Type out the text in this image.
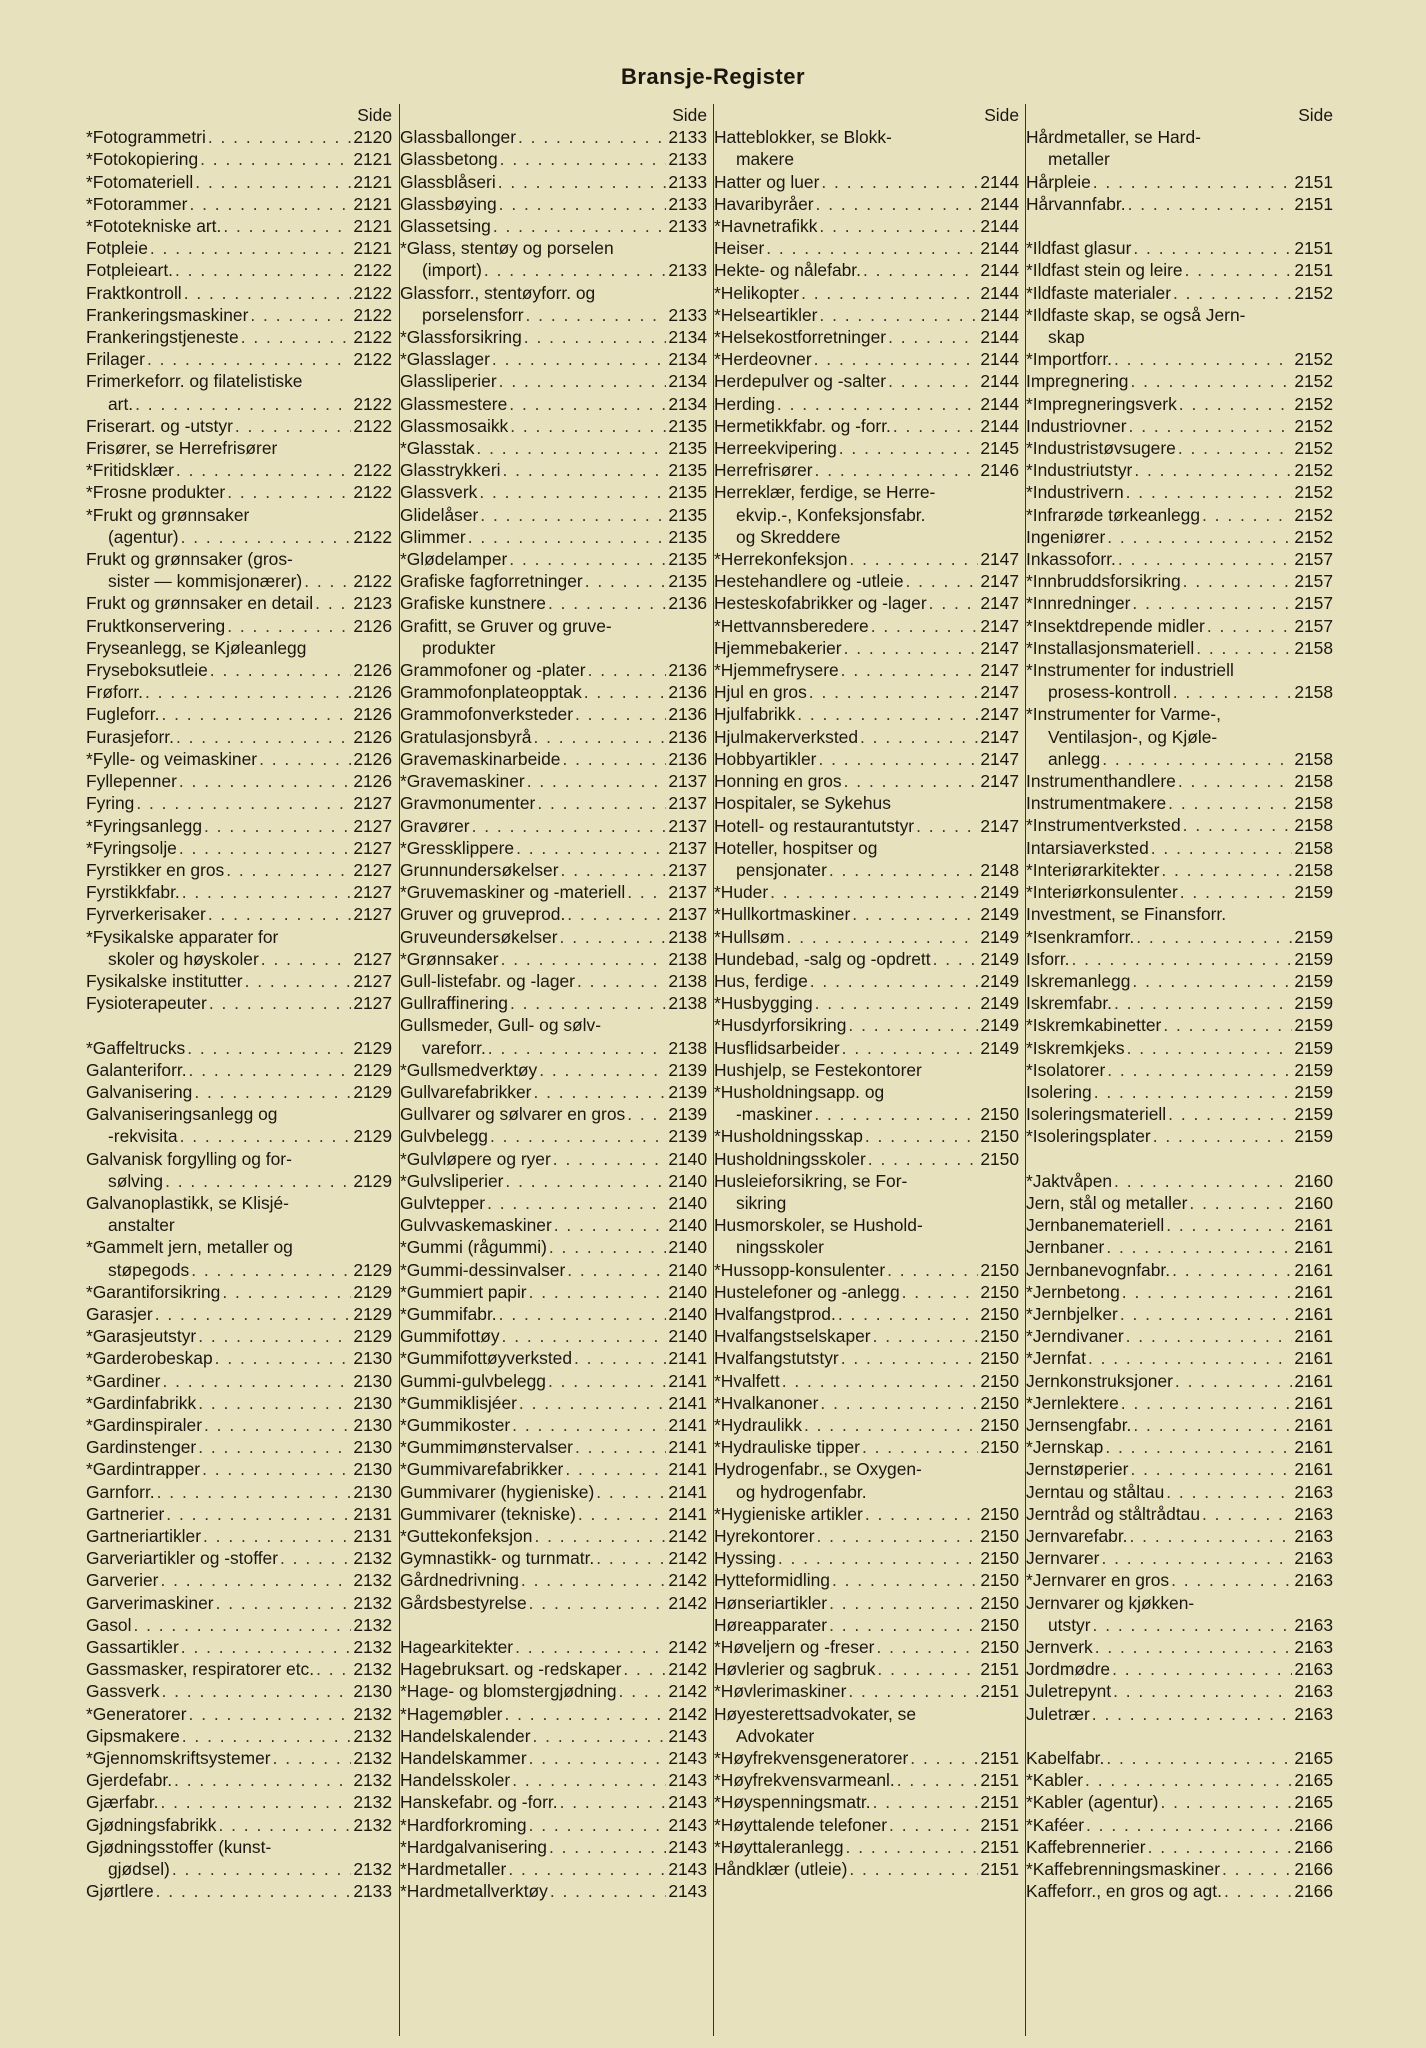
Bransje-Register
Side
*Fotogrammetri . . .	2120
*Fotokopiering . . .	2121
*Fotomateriell . . .	2121
*Fotorammer . . .	2121
*Fototekniske art. . . .	2121
Fotpleie . . .	2121
Fotpleieart. . . .	2122
Fraktkontroll . . .	2122
Frankeringsmaskiner . . .	2122
Frankeringstjeneste . . .	2122
Frilager . . .	2122
Frimerkeforr. og filatelistiske
art. . . .	2122
Friserart. og -utstyr . . .	2122
Frisører, se Herrefrisører
*Fritidsklær . . .	2122
*Frosne produkter . . .	2122
*Frukt og grønnsaker
(agentur) . . .	2122
Frukt og grønnsaker (gros-
sister — kommisjonærer) . . .	2122
Frukt og grønnsaker en detail . . . 2123
Fruktkonservering . . .	2126
Fryseanlegg, se Kjøleanlegg
Fryseboksutleie . . .	2126
Frøforr. . . .	2126
Fugleforr. . . .	2126
Furasjeforr. . . .	2126
*Fylle- og veimaskiner . . .	2126
Fyllepenner . . .	2126
Fyring . . .	2127
*Fyringsanlegg . . .	2127
*Fyringsolje . . .	2127
Fyrstikker en gros . . .	2127
Fyrstikkfabr. . . .	2127
Fyrverkerisaker . . .	2127
*Fysikalske apparater for
skoler og høyskoler . . .	2127
Fysikalske institutter . . .	2127
Fysioterapeuter . . .	2127
*Gaffeltrucks . . .	2129
Galanteriforr. . . .	2129
Galvanisering . . .	2129
Galvaniseringsanlegg og
-rekvisita . . .	2129
Galvanisk forgylling og for-
sølving . . .	2129
Galvanoplastikk, se Klisjé-
anstalter
*Gammelt jern, metaller og
støpegods . . .	2129
*Garantiforsikring . . .	2129
Garasjer . . .	2129
*Garasjeutstyr . . .	2129
*Garderobeskap . . .	2130
*Gardiner . . .	2130
*Gardinfabrikk . . .	2130
*Gardinspiraler . . .	2130
Gardinstenger . . .	2130
*Gardintrapper . . .	2130
Garnforr. . . .	2130
Gartnerier . . .	2131
Gartneriartikler . . .	2131
Garveriartikler og -stoffer . . .	2132
Garverier . . .	2132
Garverimaskiner . . .	2132
Gasol . . .	2132
Gassartikler . . .	2132
Gassmasker, respiratorer etc. . . . 2132
Gassverk . . .	2130
*Generatorer . . .	2132
Gipsmakere . . .	2132
*Gjennomskriftsystemer . . .	2132
Gjerdefabr. . . .	2132
Gjærfabr. . . .	2132
Gjødningsfabrikk . . .	2132
Gjødningsstoffer (kunst-
gjødsel) . . .	2132
Gjørtlere . . .	2133
Side
Glassballonger . . .	2133
Glassbetong . . .	2133
Glassblåseri . . .	2133
Glassbøying . . .	2133
Glassetsing . . .	2133
*Glass, stentøy og porselen
(import) . . .	2133
Glassforr., stentøyforr. og
porselensforr . . .	2133
*Glassforsikring . . .	2134
*Glasslager . . .	2134
Glassliperier . . .	2134
Glassmestere . . .	2134
Glassmosaikk . . .	2135
*Glasstak . . .	2135
Glasstrykkeri . . .	2135
Glassverk . . .	2135
Glidelåser . . .	2135
Glimmer . . .	2135
*Glødelamper . . .	2135
Grafiske fagforretninger . . .	2135
Grafiske kunstnere . . .	2136
Grafitt, se Gruver og gruve-
produkter
Grammofoner og -plater . . .	2136
Grammofonplateopptak . . .	2136
Grammofonverksteder . . .	2136
Gratulasjonsbyrå . . .	2136
Gravemaskinarbeide . . .	2136
*Gravemaskiner . . .	2137
Gravmonumenter . . .	2137
Gravører . . .	2137
*Gressklippere . . .	2137
Grunnundersøkelser . . .	2137
*Gruvemaskiner og -materiell . . . 2137
Gruver og gruveprod. . . .	2137
Gruveundersøkelser . . .	2138
*Grønnsaker . . .	2138
Gull-listefabr. og -lager . . .	2138
Gullraffinering . . .	2138
Gullsmeder, Gull- og sølv-
vareforr. . . .	2138
*Gullsmedverktøy . . .	2139
Gullvarefabrikker . . .	2139
Gullvarer og sølvarer en gros . . . 2139
Gulvbelegg . . .	2139
*Gulvløpere og ryer . . .	2140
*Gulvsliperier . . .	2140
Gulvtepper . . .	2140
Gulvvaskemaskiner . . .	2140
*Gummi (rågummi) . . .	2140
*Gummi-dessinvalser . . .	2140
*Gummiert papir . . .	2140
*Gummifabr. . . .	2140
Gummifottøy . . .	2140
*Gummifottøyverksted . . .	2141
Gummi-gulvbelegg . . .	2141
*Gummiklisjéer . . .	2141
*Gummikoster . . .	2141
*Gummimønstervalser . . .	2141
*Gummivarefabrikker . . .	2141
Gummivarer (hygieniske) . . .	2141
Gummivarer (tekniske) . . .	2141
*Guttekonfeksjon . . .	2142
Gymnastikk- og turnmatr. . . .	2142
Gårdnedrivning . . .	2142
Gårdsbestyrelse . . .	2142
Hagearkitekter . . .	2142
Hagebruksart. og -redskaper . . .	2142
*Hage- og blomstergjødning . . .	2142
*Hagemøbler . . .	2142
Handelskalender . . .	2143
Handelskammer . . .	2143
Handelsskoler . . .	2143
Hanskefabr. og -forr. . . .	2143
*Hardforkroming . . .	2143
*Hardgalvanisering . . .	2143
*Hardmetaller . . .	2143
*Hardmetallverktøy . . .	2143
Side
Hatteblokker, se Blokk-
makere
Hatter og luer . . .	2144
Havaribyråer . . .	2144
*Havnetrafikk . . .	2144
Heiser . . .	2144
Hekte- og nålefabr. . . .	2144
*Helikopter . . .	2144
*Helseartikler . . .	2144
*Helsekostforretninger . . .	2144
*Herdeovner . . .	2144
Herdepulver og -salter . . .	2144
Herding . . .	2144
Hermetikkfabr. og -forr. . . .	2144
Herreekvipering . . .	2145
Herrefrisører . . .	2146
Herreklær, ferdige, se Herre-
ekvip.-, Konfeksjonsfabr.
og Skreddere
*Herrekonfeksjon . . .	2147
Hestehandlere og -utleie . . .	2147
Hesteskofabrikker og -lager . . .	2147
*Hettvannsberedere . . .	2147
Hjemmebakerier . . .	2147
*Hjemmefrysere . . .	2147
Hjul en gros . . .	2147
Hjulfabrikk . . .	2147
Hjulmakerverksted . . .	2147
Hobbyartikler . . .	2147
Honning en gros . . .	2147
Hospitaler, se Sykehus
Hotell- og restaurantutstyr . . .	2147
Hoteller, hospitser og
pensjonater . . .	2148
*Huder . . .	2149
*Hullkortmaskiner . . .	2149
*Hullsøm . . .	2149
Hundebad, -salg og -opdrett . . .	2149
Hus, ferdige . . .	2149
*Husbygging . . .	2149
*Husdyrforsikring . . .	2149
Husflidsarbeider . . .	2149
Hushjelp, se Festekontorer
*Husholdningsapp. og
-maskiner . . .	2150
*Husholdningsskap . . .	2150
Husholdningsskoler . . .	2150
Husleieforsikring, se For-
sikring
Husmorskoler, se Hushold-
ningsskoler
*Hussopp-konsulenter . . .	2150
Hustelefoner og -anlegg . . .	2150
Hvalfangstprod. . . .	2150
Hvalfangstselskaper . . .	2150
Hvalfangstutstyr . . .	2150
*Hvalfett . . .	2150
*Hvalkanoner . . .	2150
*Hydraulikk . . .	2150
*Hydrauliske tipper . . .	2150
Hydrogenfabr., se Oxygen-
og hydrogenfabr.
*Hygieniske artikler . . .	2150
Hyrekontorer . . .	2150
Hyssing . . .	2150
Hytteformidling . . .	2150
Hønseriartikler . . .	2150
Høreapparater . . .	2150
*Høveljern og -freser . . .	2150
Høvlerier og sagbruk . . .	2151
*Høvlerimaskiner . . .	2151
Høyesterettsadvokater, se
Advokater
*Høyfrekvensgeneratorer . . .	2151
*Høyfrekvensvarmeanl. . . .	2151
*Høyspenningsmatr. . . .	2151
*Høyttalende telefoner . . .	2151
*Høyttaleranlegg . . .	2151
Håndklær (utleie) . . .	2151
Side
Hårdmetaller, se Hard-
metaller
Hårpleie . . .	2151
Hårvannfabr. . . .	2151
*Ildfast glasur . . .	2151
*Ildfast stein og leire . . .	2151
*Ildfaste materialer . . .	2152
*Ildfaste skap, se også Jern-
skap
*Importforr. . . .	2152
Impregnering . . .	2152
*Impregneringsverk . . .	2152
Industriovner . . .	2152
*Industristøvsugere . . .	2152
*Industriutstyr . . .	2152
*Industrivern . . .	2152
*Infrarøde tørkeanlegg . . .	2152
Ingeniører . . .	2152
Inkassoforr. . . .	2157
*Innbruddsforsikring . . .	2157
*Innredninger . . .	2157
*Insektdrepende midler . . .	2157
*Installasjonsmateriell . . .	2158
*Instrumenter for industriell
prosess-kontroll . . .	2158
*Instrumenter for Varme-,
Ventilasjon-, og Kjøle-
anlegg . . .	2158
Instrumenthandlere . . .	2158
Instrumentmakere . . .	2158
*Instrumentverksted . . .	2158
Intarsiaverksted . . .	2158
*Interiørarkitekter . . .	2158
*Interiørkonsulenter . . .	2159
Investment, se Finansforr.
*Isenkramforr. . . .	2159
Isforr. . . .	2159
Iskremanlegg . . .	2159
Iskremfabr. . . .	2159
*Iskremkabinetter . . .	2159
*Iskremkjeks . . .	2159
*Isolatorer . . .	2159
Isolering . . .	2159
Isoleringsmateriell . . .	2159
*Isoleringsplater . . .	2159
*Jaktvåpen . . .	2160
Jern, stål og metaller . . .	2160
Jernbanemateriell . . .	2161
Jernbaner . . .	2161
Jernbanevognfabr. . . .	2161
*Jernbetong . . .	2161
*Jernbjelker . . .	2161
*Jerndivaner . . .	2161
*Jernfat . . .	2161
Jernkonstruksjoner . . .	2161
*Jernlektere . . .	2161
Jernsengfabr. . . .	2161
*Jernskap . . .	2161
Jernstøperier . . .	2161
Jerntau og ståltau . . .	2163
Jerntråd og ståltrådtau . . .	2163
Jernvarefabr. . . .	2163
Jernvarer . . .	2163
*Jernvarer en gros . . .	2163
Jernvarer og kjøkken-
utstyr . . .	2163
Jernverk . . .	2163
Jordmødre . . .	2163
Juletrepynt . . .	2163
Juletrær . . .	2163
Kabelfabr. . . .	2165
*Kabler . . .	2165
*Kabler (agentur) . . .	2165
*Kaféer . . .	2166
Kaffebrennerier . . .	2166
*Kaffebrenningsmaskiner . . .	2166
Kaffeforr., en gros og agt. . . .	2166
